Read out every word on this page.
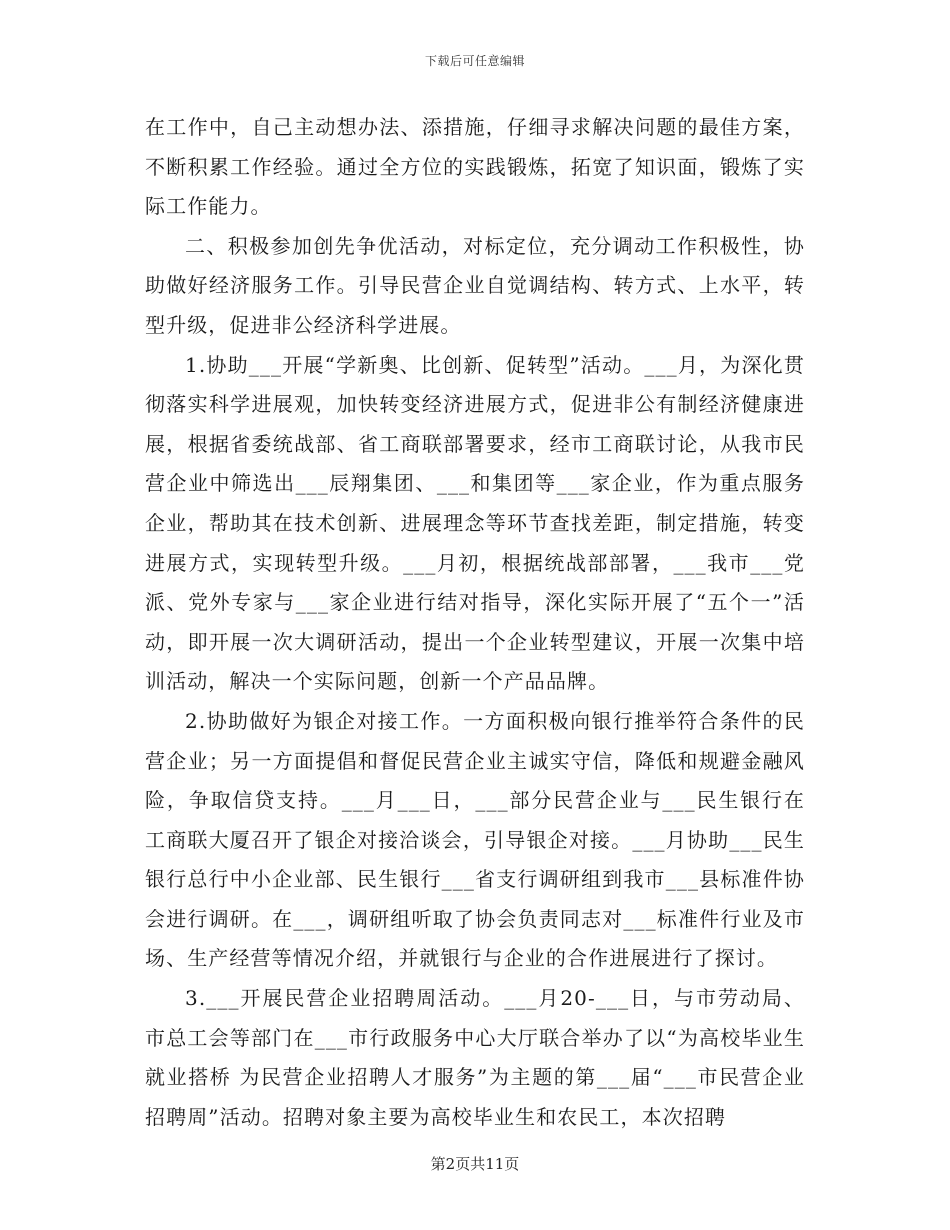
下载后可任意编辑

在工作中，自己主动想办法、添措施，仔细寻求解决问题的最佳方案，不断积累工作经验。通过全方位的实践锻炼，拓宽了知识面，锻炼了实际工作能力。

二、积极参加创先争优活动，对标定位，充分调动工作积极性，协助做好经济服务工作。引导民营企业自觉调结构、转方式、上水平，转型升级，促进非公经济科学进展。

1.协助___开展“学新奥、比创新、促转型”活动。___月，为深化贯彻落实科学进展观，加快转变经济进展方式，促进非公有制经济健康进展，根据省委统战部、省工商联部署要求，经市工商联讨论，从我市民营企业中筛选出___辰翔集团、___和集团等___家企业，作为重点服务企业，帮助其在技术创新、进展理念等环节查找差距，制定措施，转变进展方式，实现转型升级。___月初，根据统战部部署，___我市___党派、党外专家与___家企业进行结对指导，深化实际开展了“五个一”活动，即开展一次大调研活动，提出一个企业转型建议，开展一次集中培训活动，解决一个实际问题，创新一个产品品牌。

2.协助做好为银企对接工作。一方面积极向银行推举符合条件的民营企业；另一方面提倡和督促民营企业主诚实守信，降低和规避金融风险，争取信贷支持。___月___日，___部分民营企业与___民生银行在工商联大厦召开了银企对接洽谈会，引导银企对接。___月协助___民生银行总行中小企业部、民生银行___省支行调研组到我市___县标准件协会进行调研。在___，调研组听取了协会负责同志对___标准件行业及市场、生产经营等情况介绍，并就银行与企业的合作进展进行了探讨。

3.___开展民营企业招聘周活动。___月20-___日，与市劳动局、市总工会等部门在___市行政服务中心大厅联合举办了以“为高校毕业生就业搭桥 为民营企业招聘人才服务”为主题的第___届“___市民营企业招聘周”活动。招聘对象主要为高校毕业生和农民工，本次招聘

第2页共11页
